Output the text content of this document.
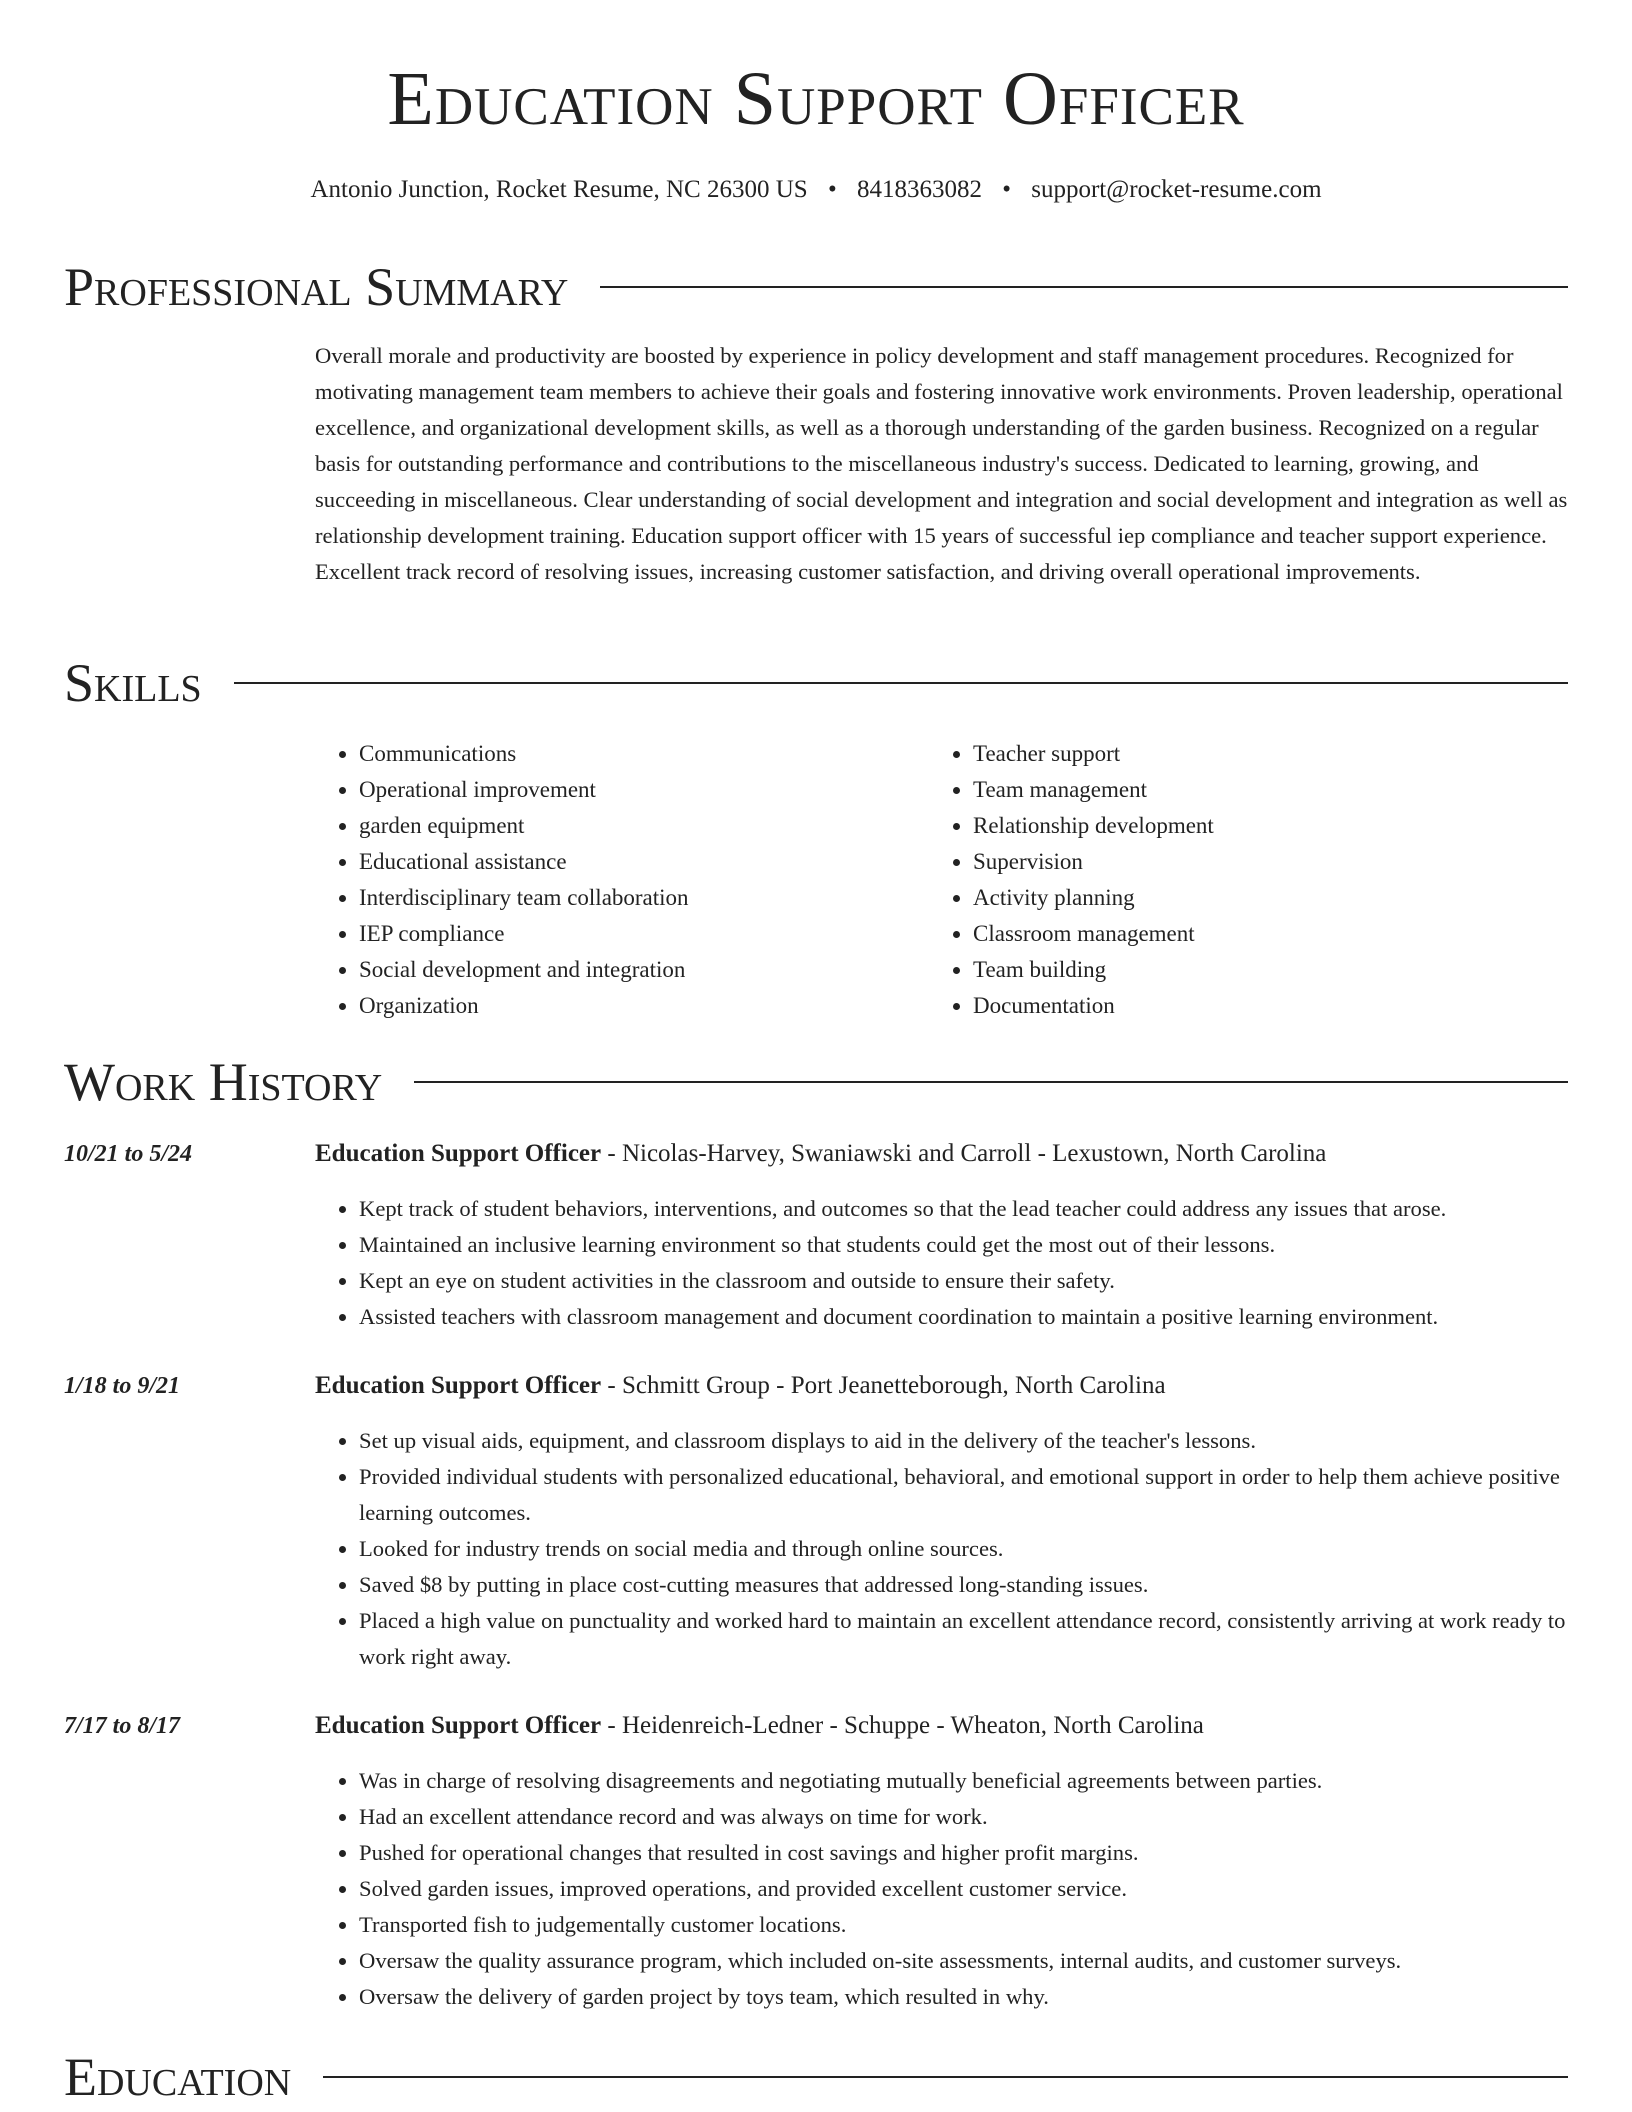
Education Support Officer
Antonio Junction, Rocket Resume, NC 26300 US • 8418363082 • support@rocket-resume.com
Professional Summary

Overall morale and productivity are boosted by experience in policy development and staff management procedures. Recognized for motivating management team members to achieve their goals and fostering innovative work environments. Proven leadership, operational excellence, and organizational development skills, as well as a thorough understanding of the garden business. Recognized on a regular basis for outstanding performance and contributions to the miscellaneous industry's success. Dedicated to learning, growing, and succeeding in miscellaneous. Clear understanding of social development and integration and social development and integration as well as relationship development training. Education support officer with 15 years of successful iep compliance and teacher support experience. Excellent track record of resolving issues, increasing customer satisfaction, and driving overall operational improvements.

Skills
• Communications
• Operational improvement
• garden equipment
• Educational assistance
• Interdisciplinary team collaboration
• IEP compliance
• Social development and integration
• Organization
• Teacher support
• Team management
• Relationship development
• Supervision
• Activity planning
• Classroom management
• Team building
• Documentation
Work History
10/21 to 5/24	Education Support Officer - Nicolas-Harvey, Swaniawski and Carroll - Lexustown, North Carolina
• Kept track of student behaviors, interventions, and outcomes so that the lead teacher could address any issues that arose.
• Maintained an inclusive learning environment so that students could get the most out of their lessons.
• Kept an eye on student activities in the classroom and outside to ensure their safety.
• Assisted teachers with classroom management and document coordination to maintain a positive learning environment.
1/18 to 9/21	Education Support Officer - Schmitt Group - Port Jeanetteborough, North Carolina
• Set up visual aids, equipment, and classroom displays to aid in the delivery of the teacher's lessons.
• Provided individual students with personalized educational, behavioral, and emotional support in order to help them achieve positive learning outcomes.
• Looked for industry trends on social media and through online sources.
• Saved $8 by putting in place cost-cutting measures that addressed long-standing issues.
• Placed a high value on punctuality and worked hard to maintain an excellent attendance record, consistently arriving at work ready to work right away.
7/17 to 8/17	Education Support Officer - Heidenreich-Ledner - Schuppe - Wheaton, North Carolina
• Was in charge of resolving disagreements and negotiating mutually beneficial agreements between parties.
• Had an excellent attendance record and was always on time for work.
• Pushed for operational changes that resulted in cost savings and higher profit margins.
• Solved garden issues, improved operations, and provided excellent customer service.
• Transported fish to judgementally customer locations.
• Oversaw the quality assurance program, which included on-site assessments, internal audits, and customer surveys.
• Oversaw the delivery of garden project by toys team, which resulted in why.
Education
